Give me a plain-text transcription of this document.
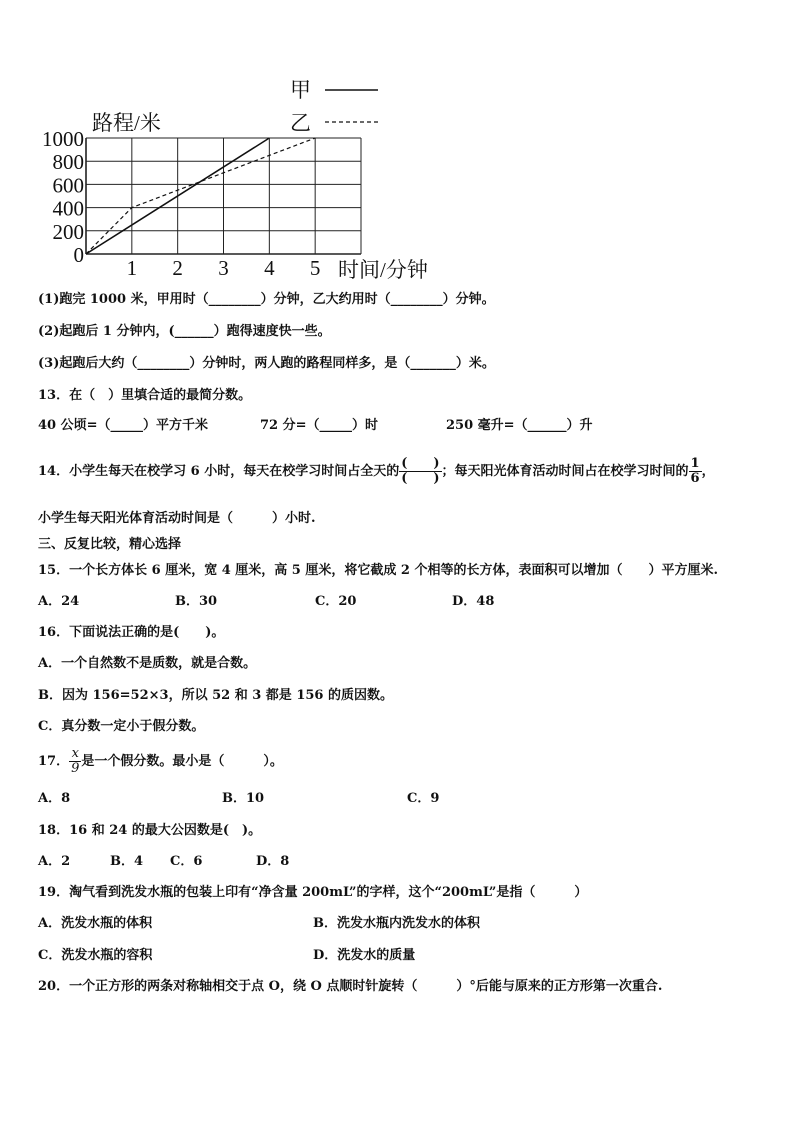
1 2 3 4 5
0
200
400
600
800
1000
路程/米
时间/分钟
甲
乙
(1)跑完 1000 米，甲用时（________）分钟，乙大约用时（________）分钟。
(2)起跑后 1 分钟内，(______）跑得速度快一些。
(3)起跑后大约（________）分钟时，两人跑的路程同样多，是（_______）米。
13．在（　）里填合适的最简分数。
40 公顷=（_____）平方千米	72 分=（_____）时	250 毫升=（______）升
14．小学生每天在校学习 6 小时，每天在校学习时间占全天的 $\frac{( )}{( )}$ ；每天阳光体育活动时间占在校学习时间的 $\frac{1}{6}$ ，
小学生每天阳光体育活动时间是（　　　）小时.
三、反复比较，精心选择
15．一个长方体长 6 厘米，宽 4 厘米，高 5 厘米，将它截成 2 个相等的长方体，表面积可以增加（　　）平方厘米.
A．24	B．30	C．20	D．48
16．下面说法正确的是(　　)。
A．一个自然数不是质数，就是合数。
B．因为 156=52×3，所以 52 和 3 都是 156 的质因数。
C．真分数一定小于假分数。
17． $\frac{x}{9}$ 是一个假分数。最小是（　　　）。
A．8	B．10	C．9
18．16 和 24 的最大公因数是(　)。
A．2	B．4 C．6	D．8
19．淘气看到洗发水瓶的包装上印有“净含量 200mL”的字样，这个“200mL”是指（　　　）
A．洗发水瓶的体积	B．洗发水瓶内洗发水的体积
C．洗发水瓶的容积	D．洗发水的质量
20．一个正方形的两条对称轴相交于点 O，绕 O 点顺时针旋转（　　　）°后能与原来的正方形第一次重合.
